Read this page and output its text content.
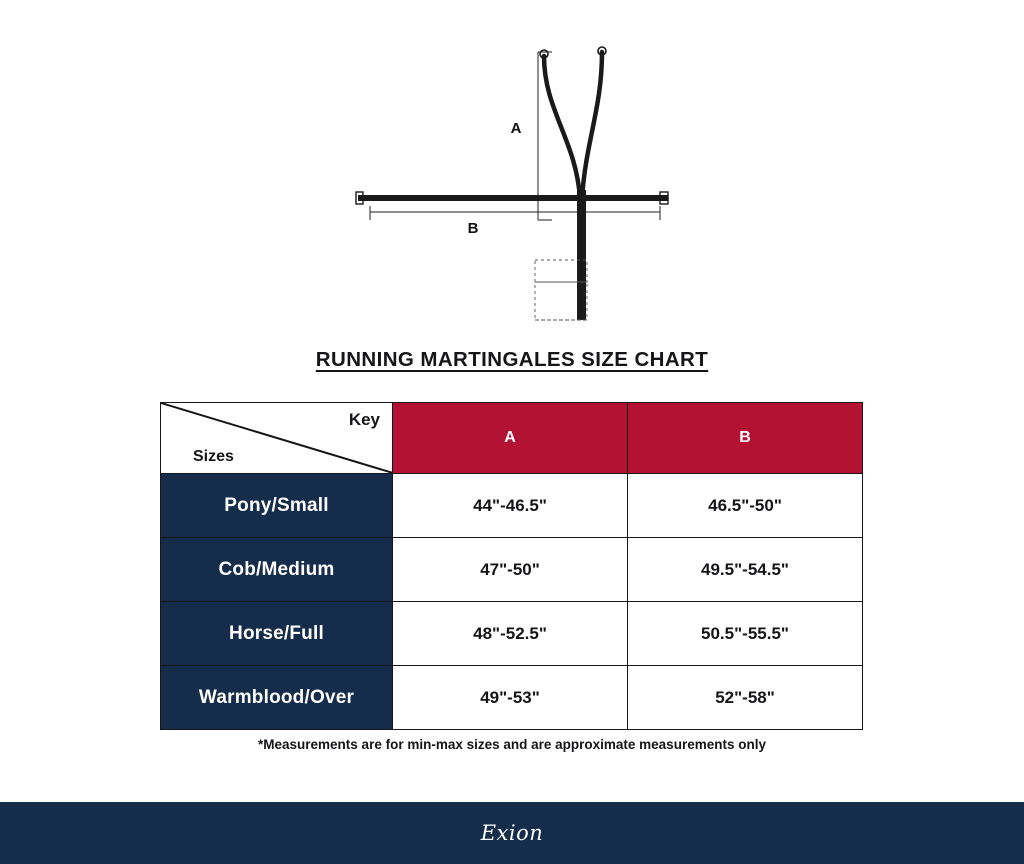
A
B
RUNNING MARTINGALES SIZE CHART
Key
Sizes	A	B
Pony/Small	44"-46.5"	46.5"-50"
Cob/Medium	47"-50"	49.5"-54.5"
Horse/Full	48"-52.5"	50.5"-55.5"
Warmblood/Over	49"-53"	52"-58"
*Measurements are for min-max sizes and are approximate measurements only
Exion
